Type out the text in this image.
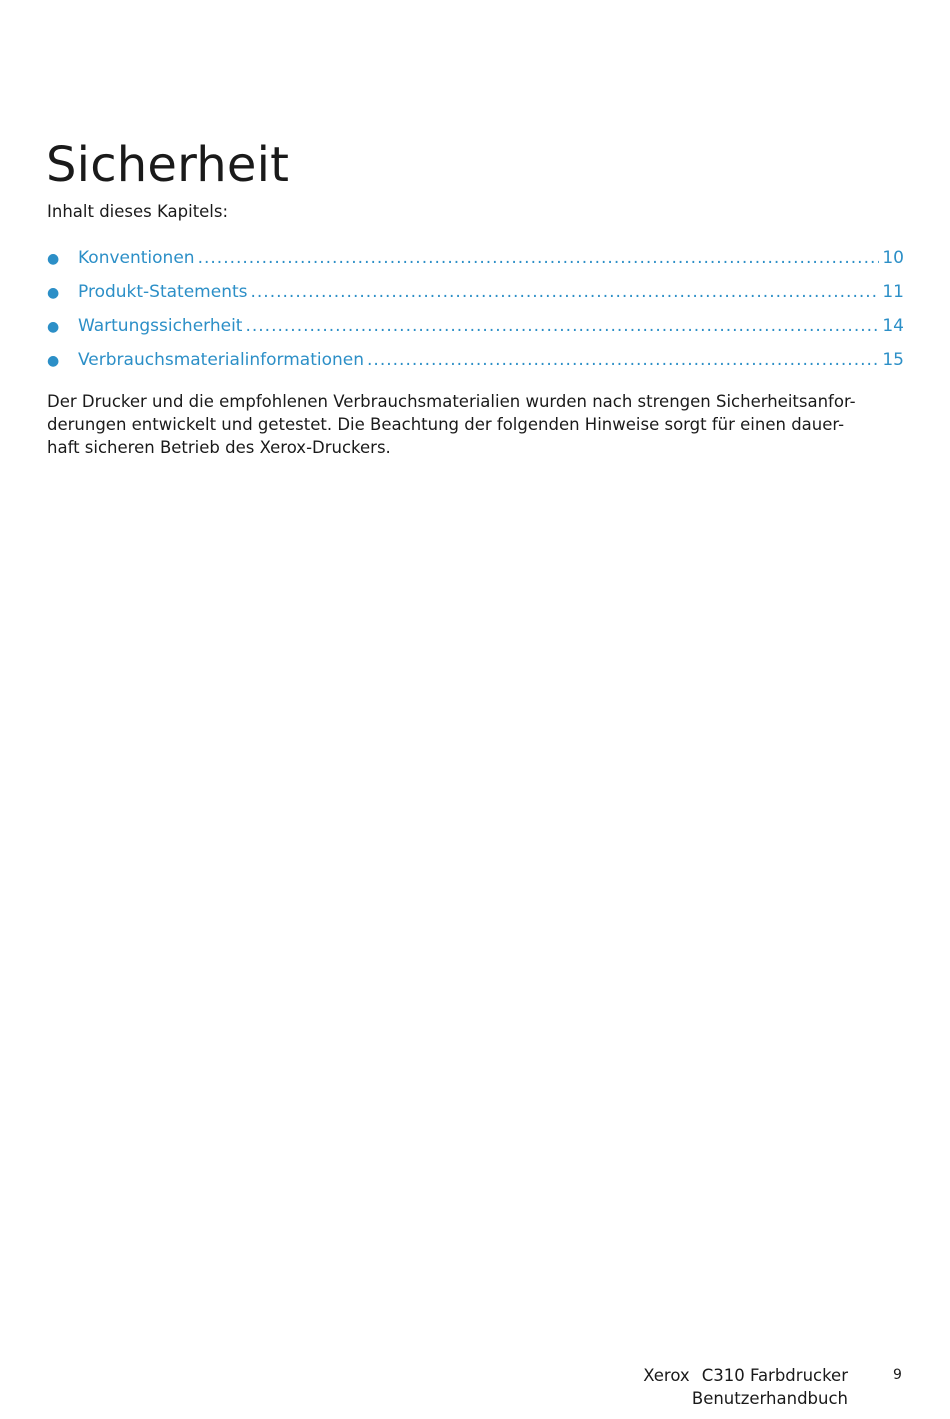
Sicherheit

Inhalt dieses Kapitels:

●	Konventionen .....	10
●	Produkt-Statements .....	11
●	Wartungssicherheit .....	14
●	Verbrauchsmaterialinformationen .....	15

Der Drucker und die empfohlenen Verbrauchsmaterialien wurden nach strengen Sicherheitsanfor-
derungen entwickelt und getestet. Die Beachtung der folgenden Hinweise sorgt für einen dauer-
haft sicheren Betrieb des Xerox-Druckers.

Xerox C310 Farbdrucker
Benutzerhandbuch
9
